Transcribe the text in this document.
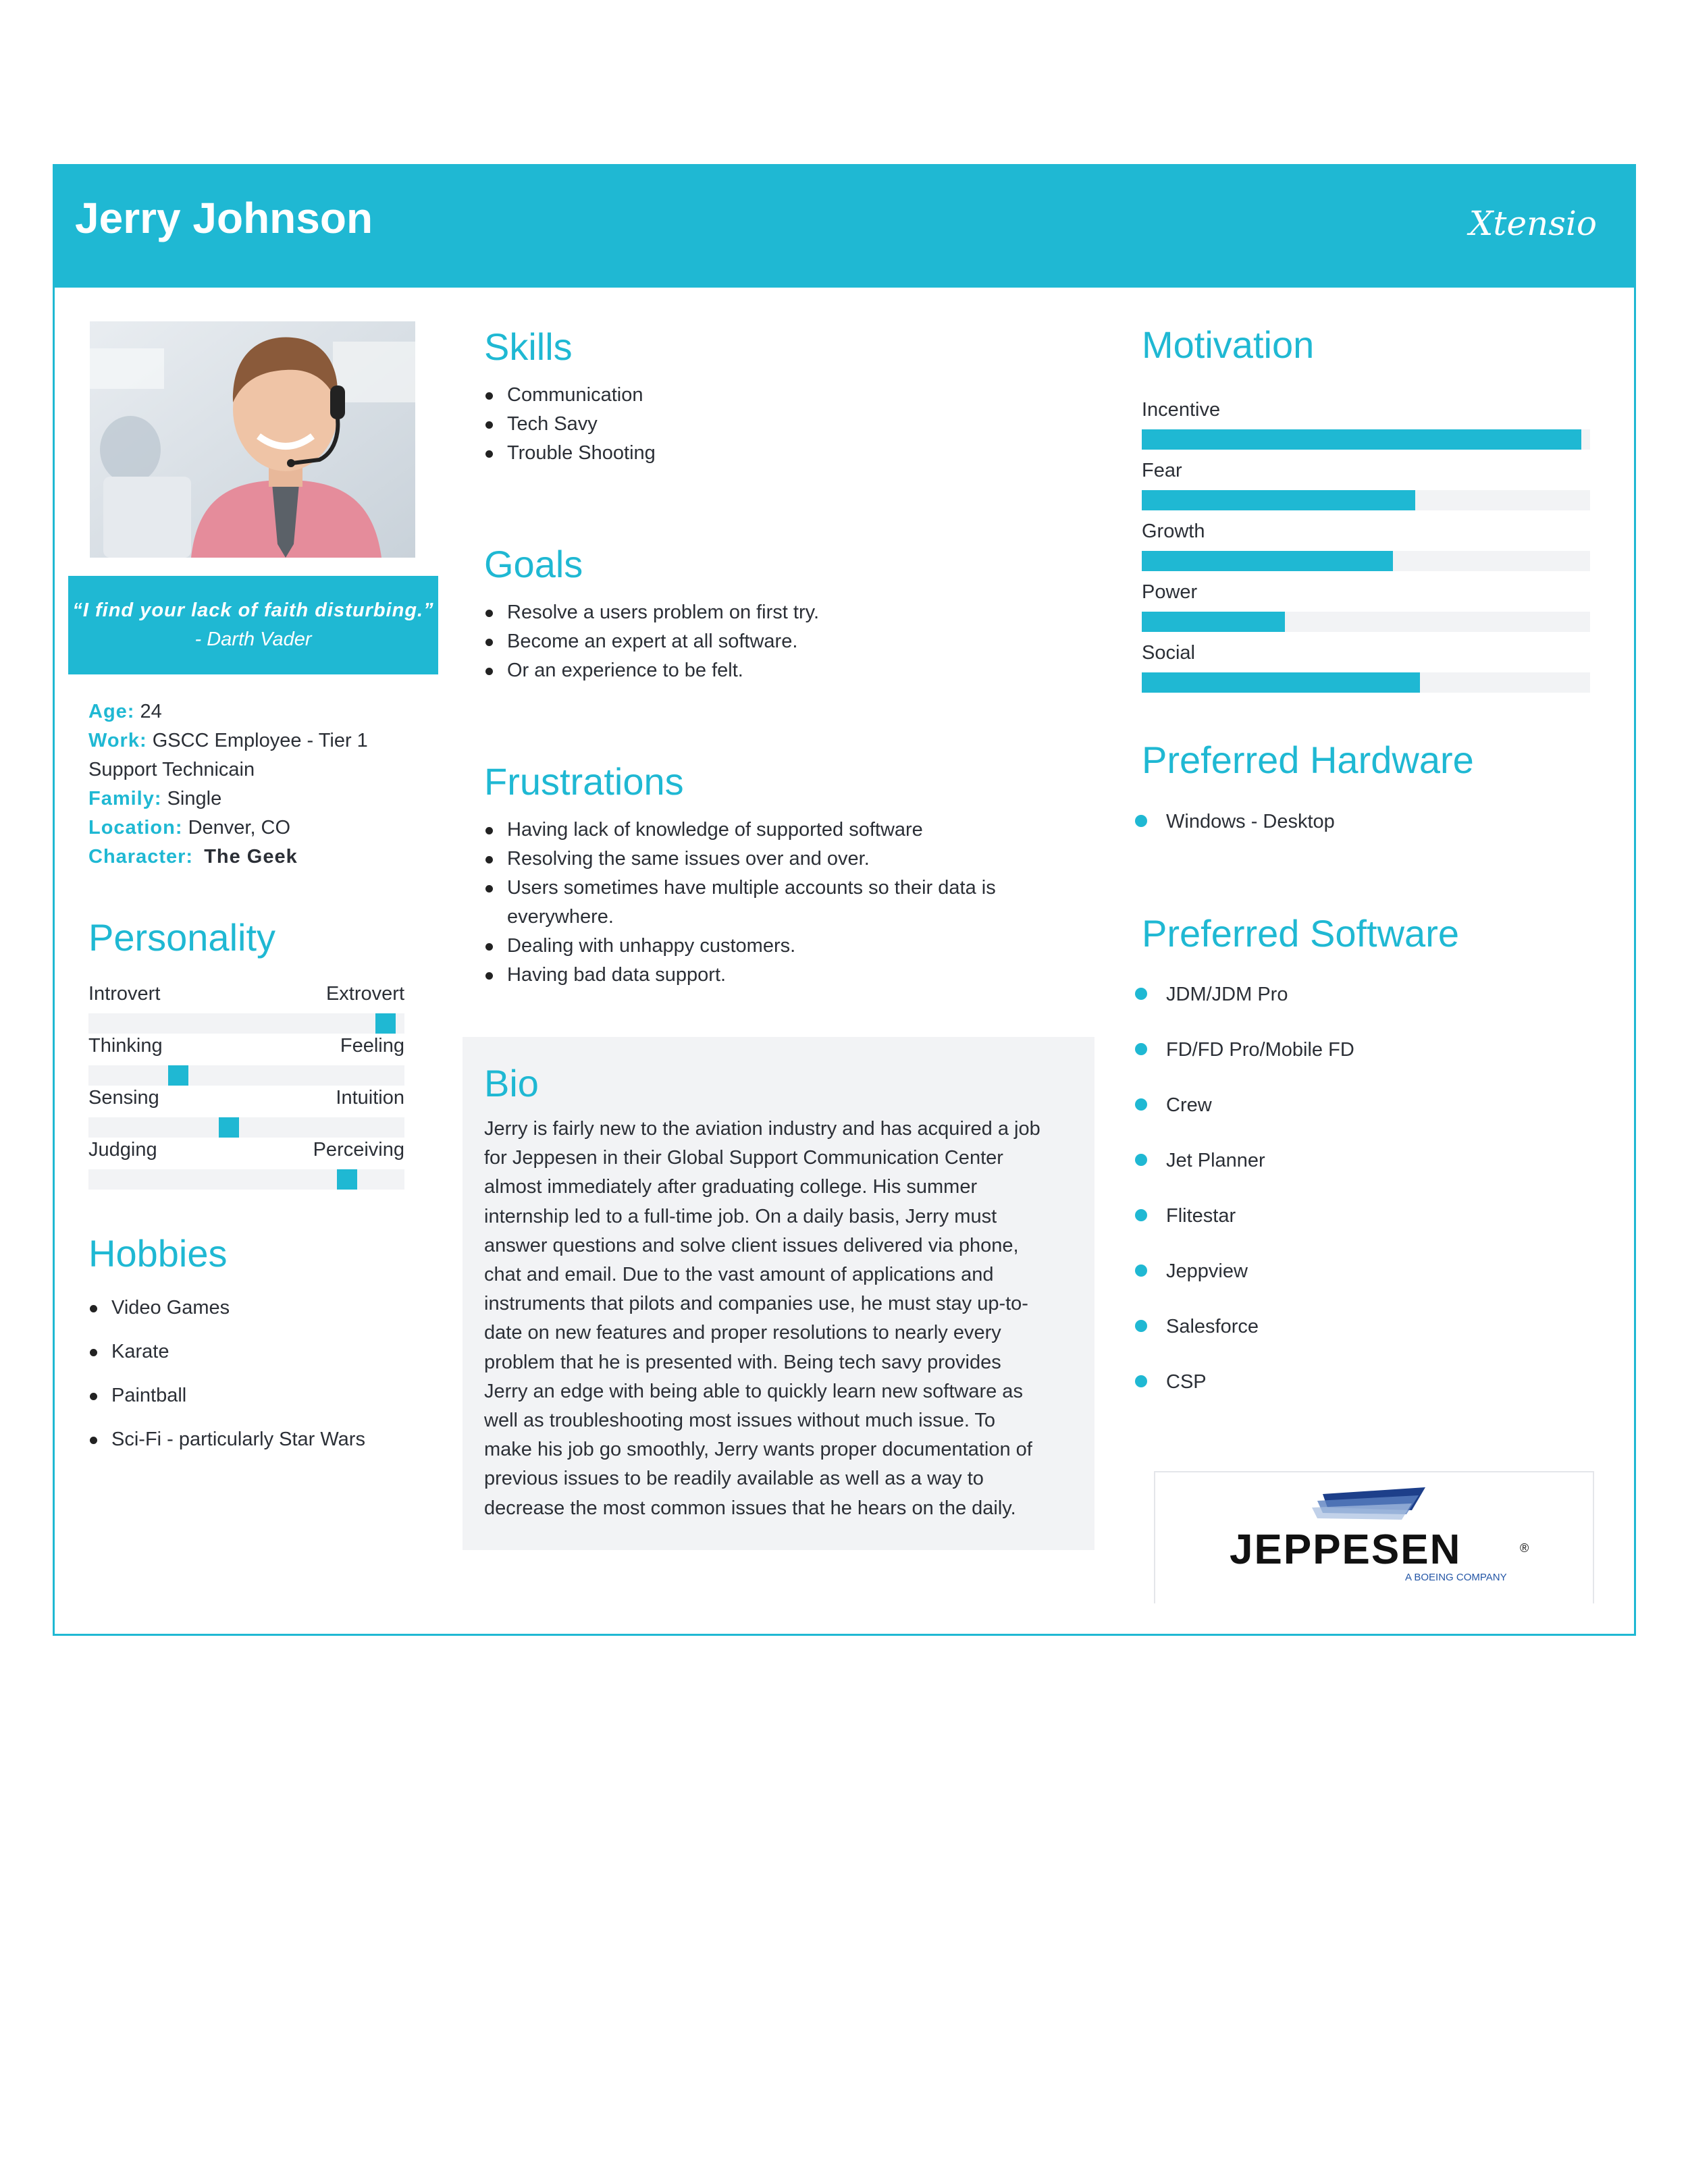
Jerry Johnson	Xtensio
“I find your lack of faith disturbing.” - Darth Vader
Age: 24
Work: GSCC Employee - Tier 1
Support Technicain
Family: Single
Location: Denver, CO
Character: The Geek
Personality
Introvert	Extrovert
Thinking	Feeling
Sensing	Intuition
Judging	Perceiving
Hobbies
Video Games
Karate
Paintball
Sci-Fi - particularly Star Wars
Skills
Communication
Tech Savy
Trouble Shooting
Goals
Resolve a users problem on first try.
Become an expert at all software.
Or an experience to be felt.
Frustrations
Having lack of knowledge of supported software
Resolving the same issues over and over.
Users sometimes have multiple accounts so their data is everywhere.
Dealing with unhappy customers.
Having bad data support.
Bio
Jerry is fairly new to the aviation industry and has acquired a job
for Jeppesen in their Global Support Communication Center
almost immediately after graduating college. His summer
internship led to a full-time job. On a daily basis, Jerry must
answer questions and solve client issues delivered via phone,
chat and email. Due to the vast amount of applications and
instruments that pilots and companies use, he must stay up-to-
date on new features and proper resolutions to nearly every
problem that he is presented with. Being tech savy provides
Jerry an edge with being able to quickly learn new software as
well as troubleshooting most issues without much issue. To
make his job go smoothly, Jerry wants proper documentation of
previous issues to be readily available as well as a way to
decrease the most common issues that he hears on the daily.
Motivation
Incentive
Fear
Growth
Power
Social
Preferred Hardware
Windows - Desktop
Preferred Software
JDM/JDM Pro
FD/FD Pro/Mobile FD
Crew
Jet Planner
Flitestar
Jeppview
Salesforce
CSP
JEPPESEN	®
A BOEING COMPANY
